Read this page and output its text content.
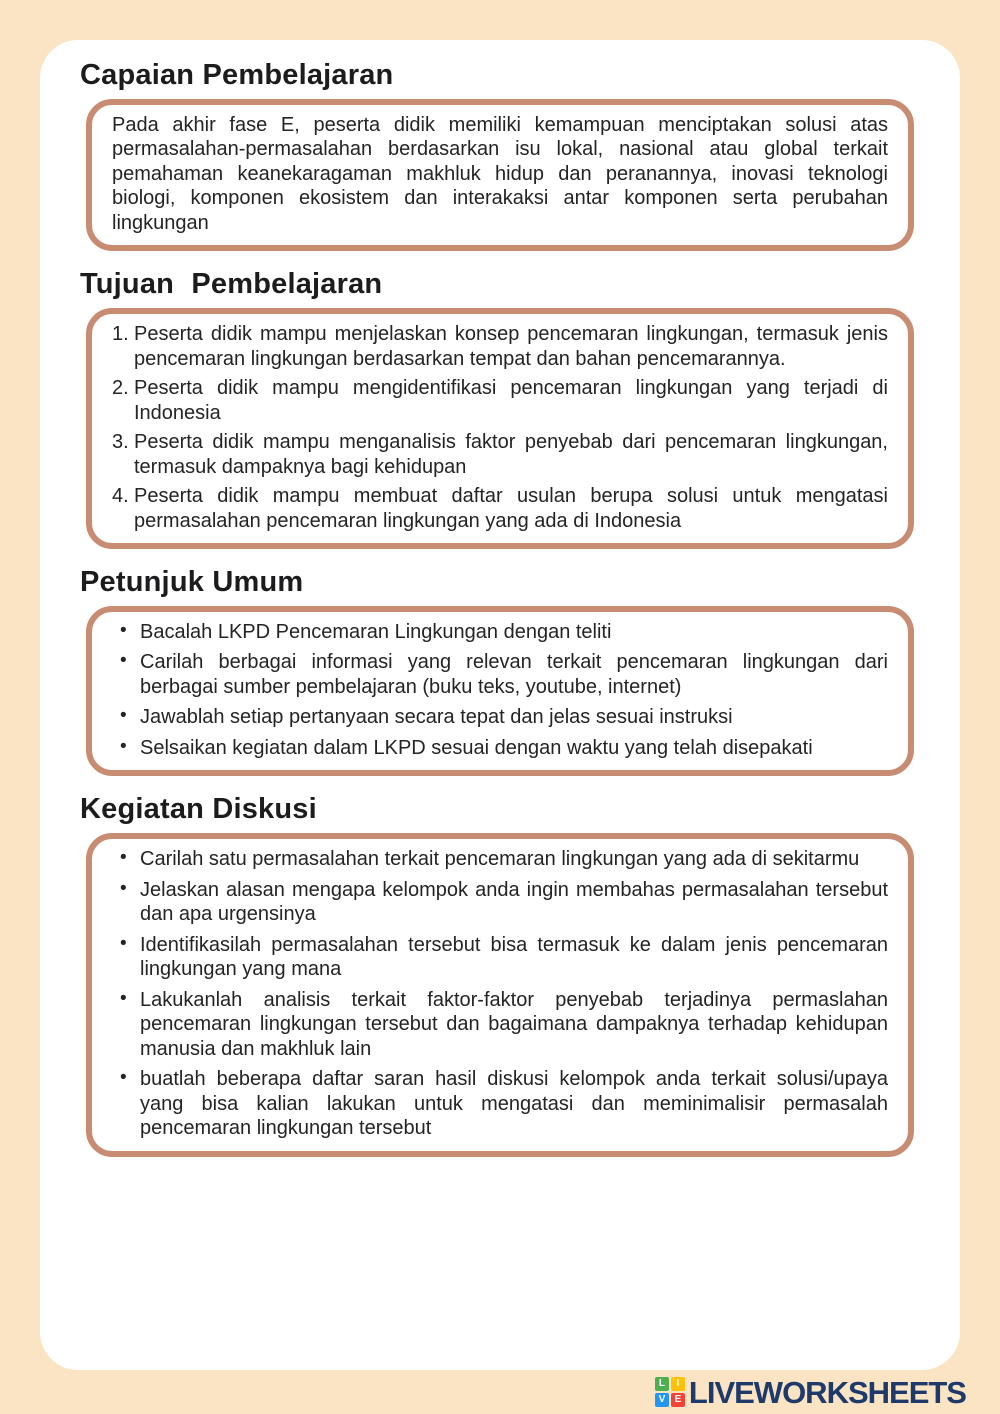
Capaian Pembelajaran

Pada akhir fase E, peserta didik memiliki kemampuan menciptakan solusi atas permasalahan-permasalahan berdasarkan isu lokal, nasional atau global terkait pemahaman keanekaragaman makhluk hidup dan peranannya, inovasi teknologi biologi, komponen ekosistem dan interakaksi antar komponen serta perubahan lingkungan

Tujuan Pembelajaran
1. Peserta didik mampu menjelaskan konsep pencemaran lingkungan, termasuk jenis pencemaran lingkungan berdasarkan tempat dan bahan pencemarannya.
2. Peserta didik mampu mengidentifikasi pencemaran lingkungan yang terjadi di Indonesia
3. Peserta didik mampu menganalisis faktor penyebab dari pencemaran lingkungan, termasuk dampaknya bagi kehidupan
4. Peserta didik mampu membuat daftar usulan berupa solusi untuk mengatasi permasalahan pencemaran lingkungan yang ada di Indonesia
Petunjuk Umum
• Bacalah LKPD Pencemaran Lingkungan dengan teliti
• Carilah berbagai informasi yang relevan terkait pencemaran lingkungan dari berbagai sumber pembelajaran (buku teks, youtube, internet)
• Jawablah setiap pertanyaan secara tepat dan jelas sesuai instruksi
• Selsaikan kegiatan dalam LKPD sesuai dengan waktu yang telah disepakati
Kegiatan Diskusi
• Carilah satu permasalahan terkait pencemaran lingkungan yang ada di sekitarmu
• Jelaskan alasan mengapa kelompok anda ingin membahas permasalahan tersebut dan apa urgensinya
• Identifikasilah permasalahan tersebut bisa termasuk ke dalam jenis pencemaran lingkungan yang mana
• Lakukanlah analisis terkait faktor-faktor penyebab terjadinya permaslahan pencemaran lingkungan tersebut dan bagaimana dampaknya terhadap kehidupan manusia dan makhluk lain
• buatlah beberapa daftar saran hasil diskusi kelompok anda terkait solusi/upaya yang bisa kalian lakukan untuk mengatasi dan meminimalisir permasalah pencemaran lingkungan tersebut
L	I
V E LIVEWORKSHEETS
